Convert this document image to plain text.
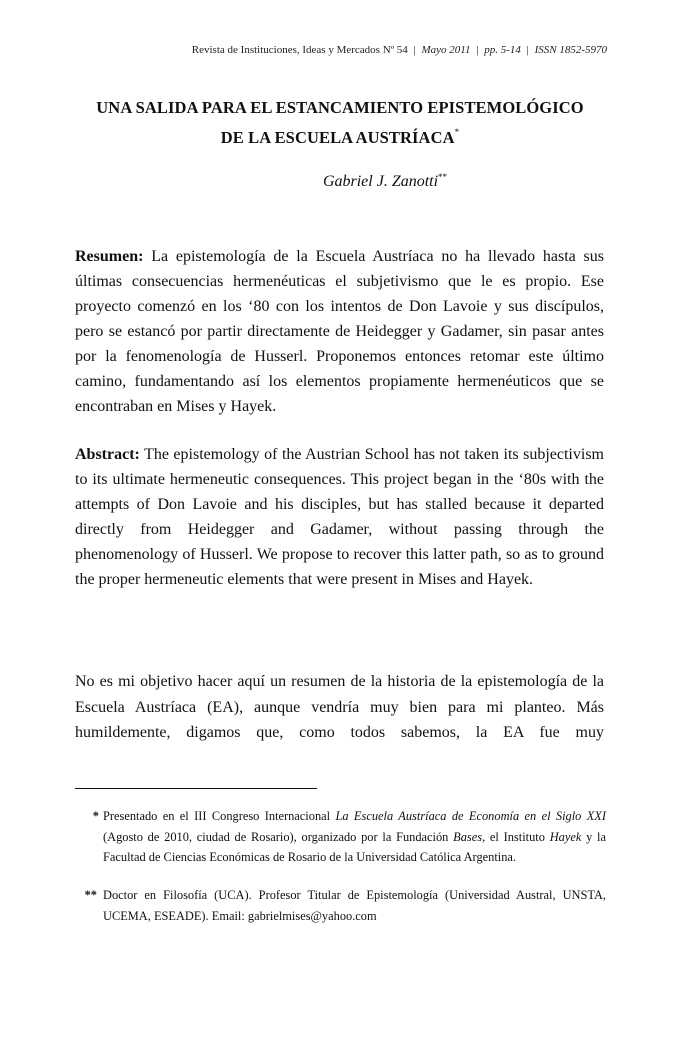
Revista de Instituciones, Ideas y Mercados Nº 54 | Mayo 2011 | pp. 5-14 | ISSN 1852-5970
UNA SALIDA PARA EL ESTANCAMIENTO EPISTEMOLÓGICO
DE LA ESCUELA AUSTRÍACA*
Gabriel J. Zanotti**

Resumen: La epistemología de la Escuela Austríaca no ha llevado hasta sus últimas consecuencias hermenéuticas el subjetivismo que le es propio. Ese proyecto comenzó en los ‘80 con los intentos de Don Lavoie y sus discípulos, pero se estancó por partir directamente de Heidegger y Gadamer, sin pasar antes por la fenomenología de Husserl. Proponemos entonces retomar este último camino, fundamentando así los elementos propiamente hermenéuticos que se encontraban en Mises y Hayek.

Abstract: The epistemology of the Austrian School has not taken its subjectivism to its ultimate hermeneutic consequences. This project began in the ‘80s with the attempts of Don Lavoie and his disciples, but has stalled because it departed directly from Heidegger and Gadamer, without passing through the phenomenology of Husserl. We propose to recover this latter path, so as to ground the proper hermeneutic elements that were present in Mises and Hayek.

No es mi objetivo hacer aquí un resumen de la historia de la epistemología de la Escuela Austríaca (EA), aunque vendría muy bien para mi planteo. Más humildemente, digamos que, como todos sabemos, la EA fue muy

* Presentado en el III Congreso Internacional La Escuela Austríaca de Economía en el Siglo XXI (Agosto de 2010, ciudad de Rosario), organizado por la Fundación Bases, el Instituto Hayek y la Facultad de Ciencias Económicas de Rosario de la Universidad Católica Argentina.
** Doctor en Filosofía (UCA). Profesor Titular de Epistemología (Universidad Austral, UNSTA, UCEMA, ESEADE). Email: gabrielmises@yahoo.com
